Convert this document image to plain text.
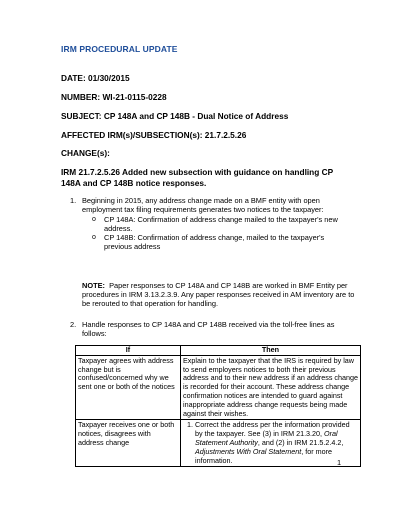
IRM PROCEDURAL UPDATE
DATE: 01/30/2015
NUMBER: WI-21-0115-0228
SUBJECT: CP 148A and CP 148B - Dual Notice of Address
AFFECTED IRM(s)/SUBSECTION(s): 21.7.2.5.26
CHANGE(s):
IRM 21.7.2.5.26 Added new subsection with guidance on handling CP 148A and CP 148B notice responses.
1. Beginning in 2015, any address change made on a BMF entity with open employment tax filing requirements generates two notices to the taxpayer:
o CP 148A: Confirmation of address change mailed to the taxpayer's new address.
o CP 148B: Confirmation of address change, mailed to the taxpayer's previous address
NOTE: Paper responses to CP 148A and CP 148B are worked in BMF Entity per procedures in IRM 3.13.2.3.9. Any paper responses received in AM inventory are to be rerouted to that operation for handling.
2. Handle responses to CP 148A and CP 148B received via the toll-free lines as follows:
If	Then
Taxpayer agrees with address change but is confused/concerned why we sent one or both of the notices	Explain to the taxpayer that the IRS is required by law to send employers notices to both their previous address and to their new address if an address change is recorded for their account. These address change confirmation notices are intended to guard against inappropriate address change requests being made against their wishes.
Taxpayer receives one or both notices, disagrees with address change	1. Correct the address per the information provided by the taxpayer. See (3) in IRM 21.3.20, Oral Statement Authority, and (2) in IRM 21.5.2.4.2, Adjustments With Oral Statement, for more information.	1
